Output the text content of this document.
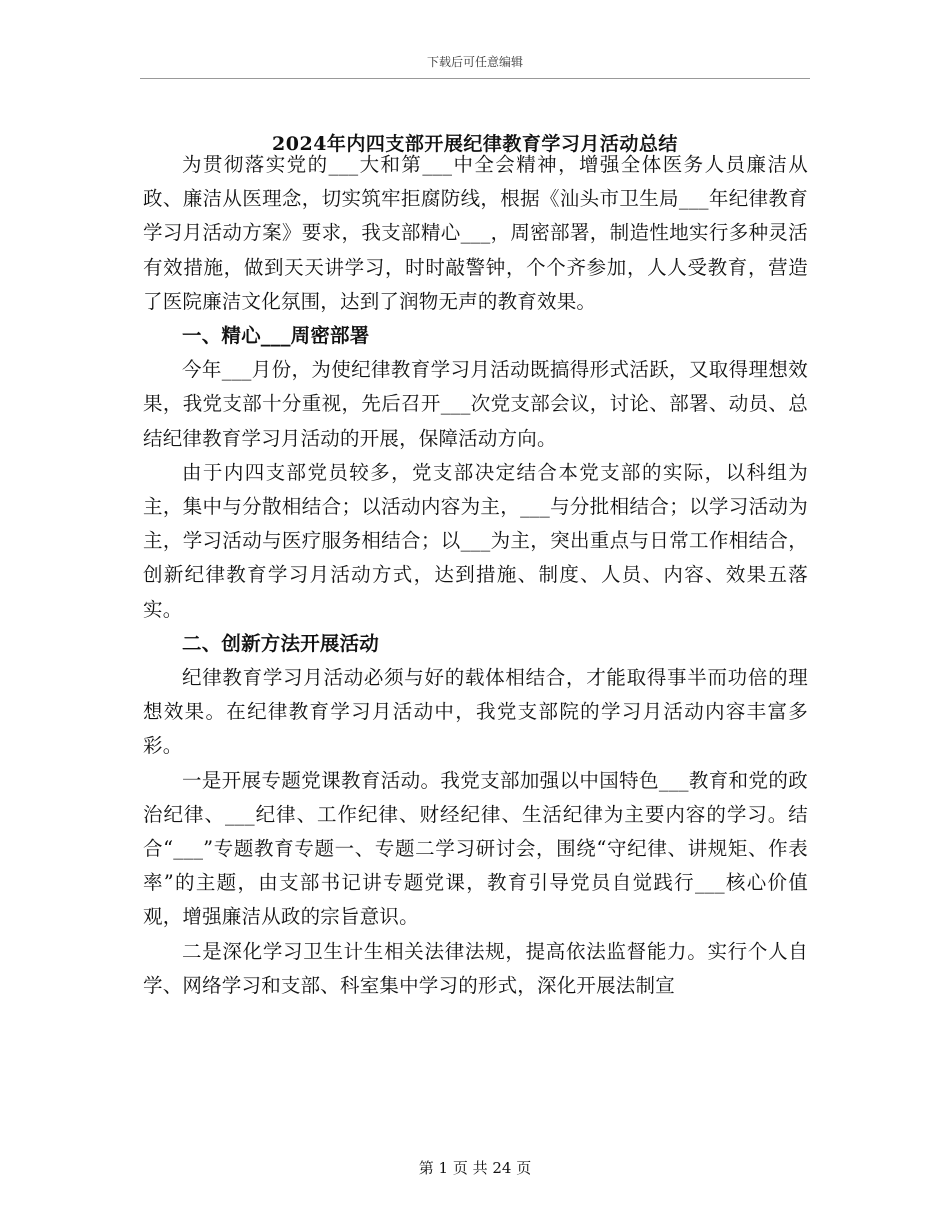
下载后可任意编辑
2024年内四支部开展纪律教育学习月活动总结

为贯彻落实党的___大和第___中全会精神，增强全体医务人员廉洁从政、廉洁从医理念，切实筑牢拒腐防线，根据《汕头市卫生局___年纪律教育学习月活动方案》要求，我支部精心___，周密部署，制造性地实行多种灵活有效措施，做到天天讲学习，时时敲警钟，个个齐参加，人人受教育，营造了医院廉洁文化氛围，达到了润物无声的教育效果。

一、精心___周密部署

今年___月份，为使纪律教育学习月活动既搞得形式活跃，又取得理想效果，我党支部十分重视，先后召开___次党支部会议，讨论、部署、动员、总结纪律教育学习月活动的开展，保障活动方向。

由于内四支部党员较多，党支部决定结合本党支部的实际，以科组为主，集中与分散相结合；以活动内容为主，___与分批相结合；以学习活动为主，学习活动与医疗服务相结合；以___为主，突出重点与日常工作相结合，创新纪律教育学习月活动方式，达到措施、制度、人员、内容、效果五落实。

二、创新方法开展活动

纪律教育学习月活动必须与好的载体相结合，才能取得事半而功倍的理想效果。在纪律教育学习月活动中，我党支部院的学习月活动内容丰富多彩。

一是开展专题党课教育活动。我党支部加强以中国特色___教育和党的政治纪律、___纪律、工作纪律、财经纪律、生活纪律为主要内容的学习。结合“___”专题教育专题一、专题二学习研讨会，围绕“守纪律、讲规矩、作表率”的主题，由支部书记讲专题党课，教育引导党员自觉践行___核心价值观，增强廉洁从政的宗旨意识。

二是深化学习卫生计生相关法律法规，提高依法监督能力。实行个人自学、网络学习和支部、科室集中学习的形式，深化开展法制宣

第 1 页 共 24 页
